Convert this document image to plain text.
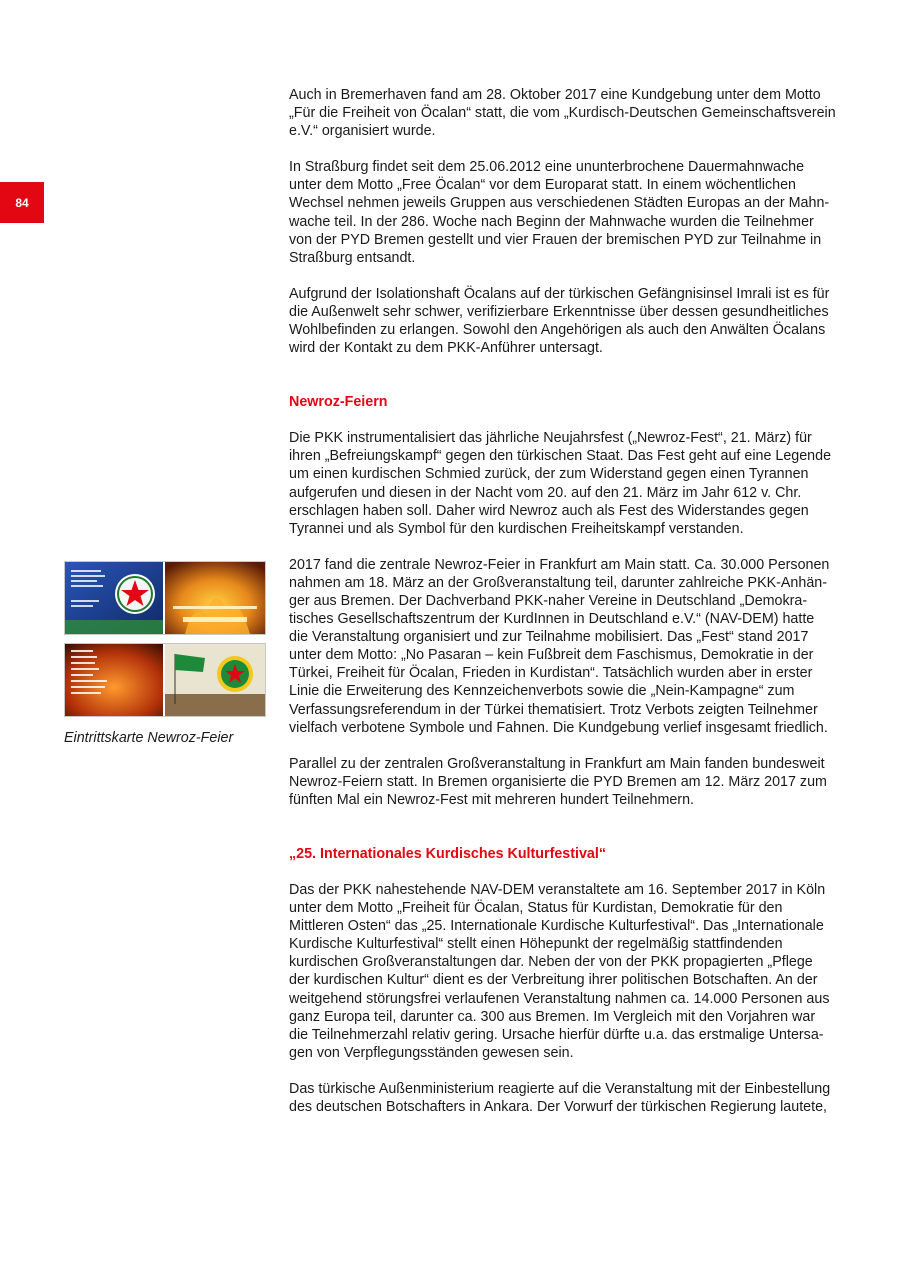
84

Auch in Bremerhaven fand am 28. Oktober 2017 eine Kundgebung unter dem Motto „Für die Freiheit von Öcalan“ statt, die vom „Kurdisch-Deutschen Gemeinschaftsverein e.V.“ organisiert wurde.

In Straßburg findet seit dem 25.06.2012 eine ununterbrochene Dauermahnwache unter dem Motto „Free Öcalan“ vor dem Europarat statt. In einem wöchentlichen Wechsel nehmen jeweils Gruppen aus verschiedenen Städten Europas an der Mahnwache teil. In der 286. Woche nach Beginn der Mahnwache wurden die Teilnehmer von der PYD Bremen gestellt und vier Frauen der bremischen PYD zur Teilnahme in Straßburg entsandt.

Aufgrund der Isolationshaft Öcalans auf der türkischen Gefängnisinsel Imrali ist es für die Außenwelt sehr schwer, verifizierbare Erkenntnisse über dessen gesundheitliches Wohlbefinden zu erlangen. Sowohl den Angehörigen als auch den Anwälten Öcalans wird der Kontakt zu dem PKK-Anführer untersagt.

Newroz-Feiern

Die PKK instrumentalisiert das jährliche Neujahrsfest („Newroz-Fest“, 21. März) für ihren „Befreiungskampf“ gegen den türkischen Staat. Das Fest geht auf eine Legende um einen kurdischen Schmied zurück, der zum Widerstand gegen einen Tyrannen aufgerufen und diesen in der Nacht vom 20. auf den 21. März im Jahr 612 v. Chr. erschlagen haben soll. Daher wird Newroz auch als Fest des Widerstandes gegen Tyrannei und als Symbol für den kurdischen Freiheitskampf verstanden.

2017 fand die zentrale Newroz-Feier in Frankfurt am Main statt. Ca. 30.000 Personen nahmen am 18. März an der Großveranstaltung teil, darunter zahlreiche PKK-Anhänger aus Bremen. Der Dachverband PKK-naher Vereine in Deutschland „Demokratisches Gesellschaftszentrum der KurdInnen in Deutschland e.V.“ (NAV-DEM) hatte die Veranstaltung organisiert und zur Teilnahme mobilisiert. Das „Fest“ stand 2017 unter dem Motto: „No Pasaran – kein Fußbreit dem Faschismus, Demokratie in der Türkei, Freiheit für Öcalan, Frieden in Kurdistan“. Tatsächlich wurden aber in erster Linie die Erweiterung des Kennzeichenverbots sowie die „Nein-Kampagne“ zum Verfassungsreferendum in der Türkei thematisiert. Trotz Verbots zeigten Teilnehmer vielfach verbotene Symbole und Fahnen. Die Kundgebung verlief insgesamt friedlich.

Parallel zu der zentralen Großveranstaltung in Frankfurt am Main fanden bundesweit Newroz-Feiern statt. In Bremen organisierte die PYD Bremen am 12. März 2017 zum fünften Mal ein Newroz-Fest mit mehreren hundert Teilnehmern.

„25. Internationales Kurdisches Kulturfestival“

Das der PKK nahestehende NAV-DEM veranstaltete am 16. September 2017 in Köln unter dem Motto „Freiheit für Öcalan, Status für Kurdistan, Demokratie für den Mittleren Osten“ das „25. Internationale Kurdische Kulturfestival“. Das „Internationale Kurdische Kulturfestival“ stellt einen Höhepunkt der regelmäßig stattfindenden kurdischen Großveranstaltungen dar. Neben der von der PKK propagierten „Pflege der kurdischen Kultur“ dient es der Verbreitung ihrer politischen Botschaften. An der weitgehend störungsfrei verlaufenen Veranstaltung nahmen ca. 14.000 Personen aus ganz Europa teil, darunter ca. 300 aus Bremen. Im Vergleich mit den Vorjahren war die Teilnehmerzahl relativ gering. Ursache hierfür dürfte u.a. das erstmalige Untersagen von Verpflegungsständen gewesen sein.

Das türkische Außenministerium reagierte auf die Veranstaltung mit der Einbestellung des deutschen Botschafters in Ankara. Der Vorwurf der türkischen Regierung lautete,

Eintrittskarte Newroz-Feier
